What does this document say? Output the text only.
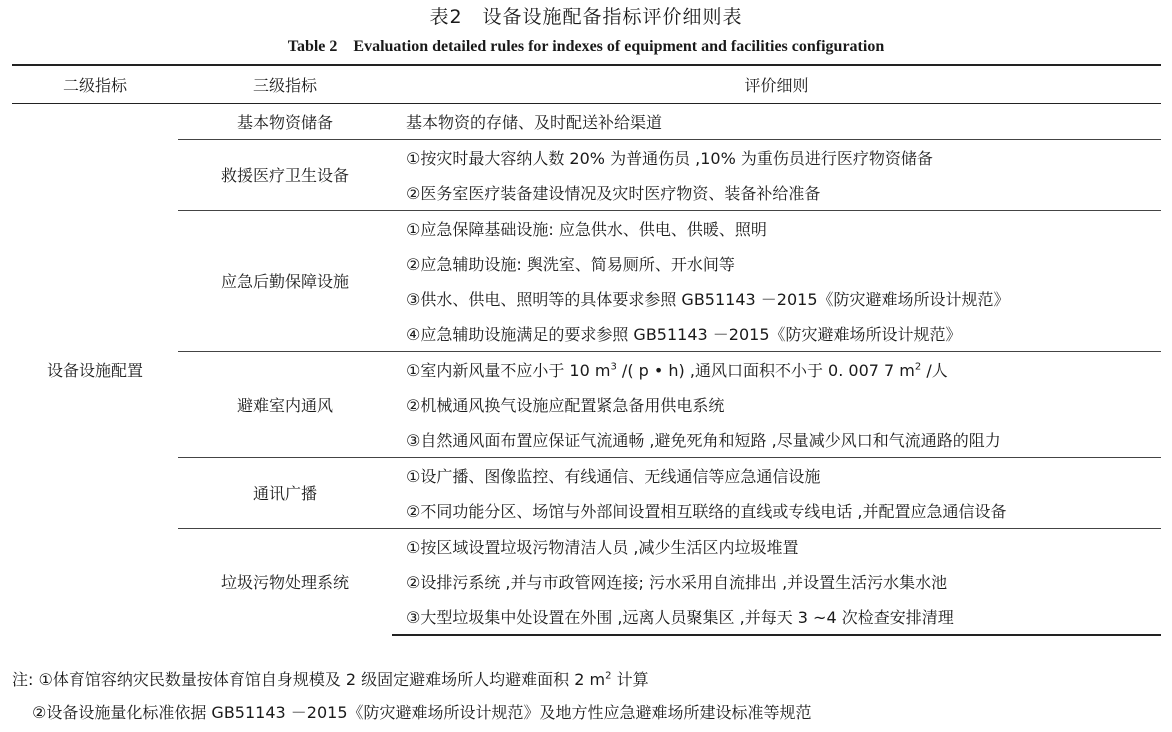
表2　设备设施配备指标评价细则表
Table 2　Evaluation detailed rules for indexes of equipment and facilities configuration
二级指标	三级指标	评价细则
设备设施配置	基本物资储备	基本物资的存储、及时配送补给渠道
	救援医疗卫生设备	①按灾时最大容纳人数 20% 为普通伤员 ,10% 为重伤员进行医疗物资储备
		②医务室医疗装备建设情况及灾时医疗物资、装备补给准备
	应急后勤保障设施	①应急保障基础设施: 应急供水、供电、供暖、照明
		②应急辅助设施: 舆洗室、简易厕所、开水间等
		③供水、供电、照明等的具体要求参照 GB51143 －2015《防灾避难场所设计规范》
		④应急辅助设施满足的要求参照 GB51143 －2015《防灾避难场所设计规范》
	避难室内通风	①室内新风量不应小于 10 $m^3$ /( p • h) ,通风口面积不小于 0. 007 7 $m^2$ /人
		②机械通风换气设施应配置紧急备用供电系统
		③自然通风面布置应保证气流通畅 ,避免死角和短路 ,尽量减少风口和气流通路的阻力
	通讯广播	①设广播、图像监控、有线通信、无线通信等应急通信设施
		②不同功能分区、场馆与外部间设置相互联络的直线或专线电话 ,并配置应急通信设备
	垃圾污物处理系统	①按区域设置垃圾污物清洁人员 ,减少生活区内垃圾堆置
		②设排污系统 ,并与市政管网连接; 污水采用自流排出 ,并设置生活污水集水池
		③大型垃圾集中处设置在外围 ,远离人员聚集区 ,并每天 3 ~4 次检查安排清理
注: ①体育馆容纳灾民数量按体育馆自身规模及 2 级固定避难场所人均避难面积 2 $m^2$ 计算
②设备设施量化标准依据 GB51143 －2015《防灾避难场所设计规范》及地方性应急避难场所建设标准等规范
